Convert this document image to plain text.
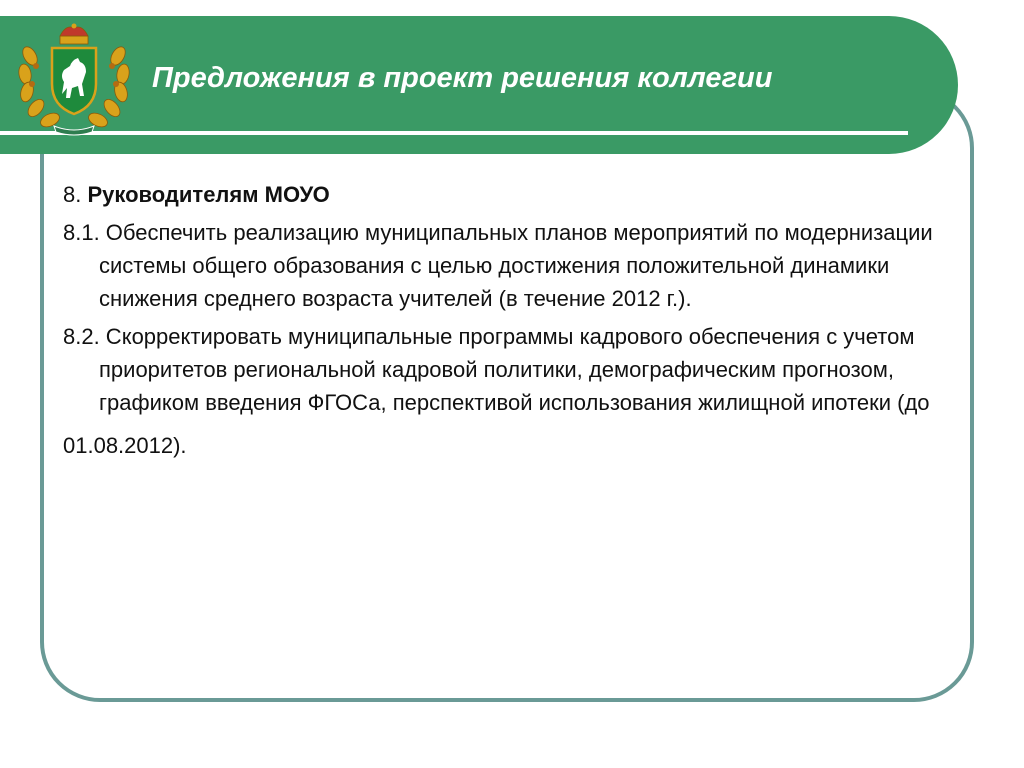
Предложения в проект решения коллегии

8. Руководителям МОУО

8.1. Обеспечить реализацию муниципальных планов мероприятий по модернизации системы общего образования с целью достижения положительной динамики снижения среднего возраста учителей (в течение 2012 г.).

8.2. Скорректировать муниципальные программы кадрового обеспечения с учетом приоритетов региональной кадровой политики, демографическим прогнозом, графиком введения ФГОСа, перспективой использования жилищной ипотеки (до
01.08.2012).
